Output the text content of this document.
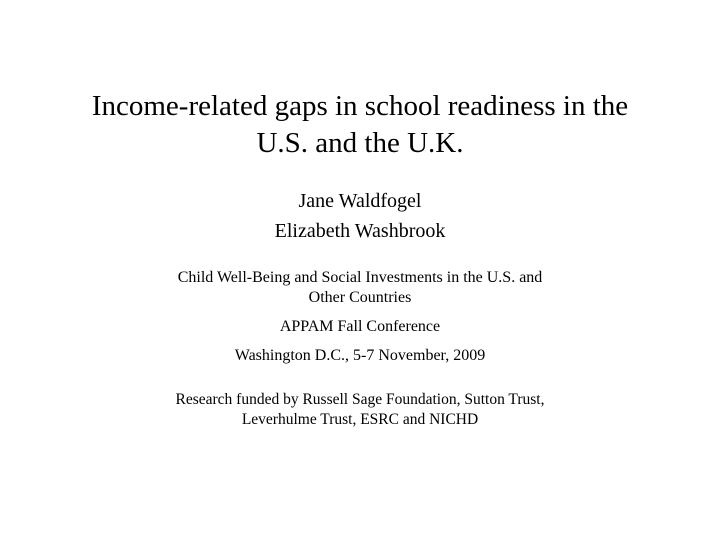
Income-related gaps in school readiness in the
U.S. and the U.K.
Jane Waldfogel
Elizabeth Washbrook
Child Well-Being and Social Investments in the U.S. and
Other Countries
APPAM Fall Conference
Washington D.C., 5-7 November, 2009
Research funded by Russell Sage Foundation, Sutton Trust,
Leverhulme Trust, ESRC and NICHD
